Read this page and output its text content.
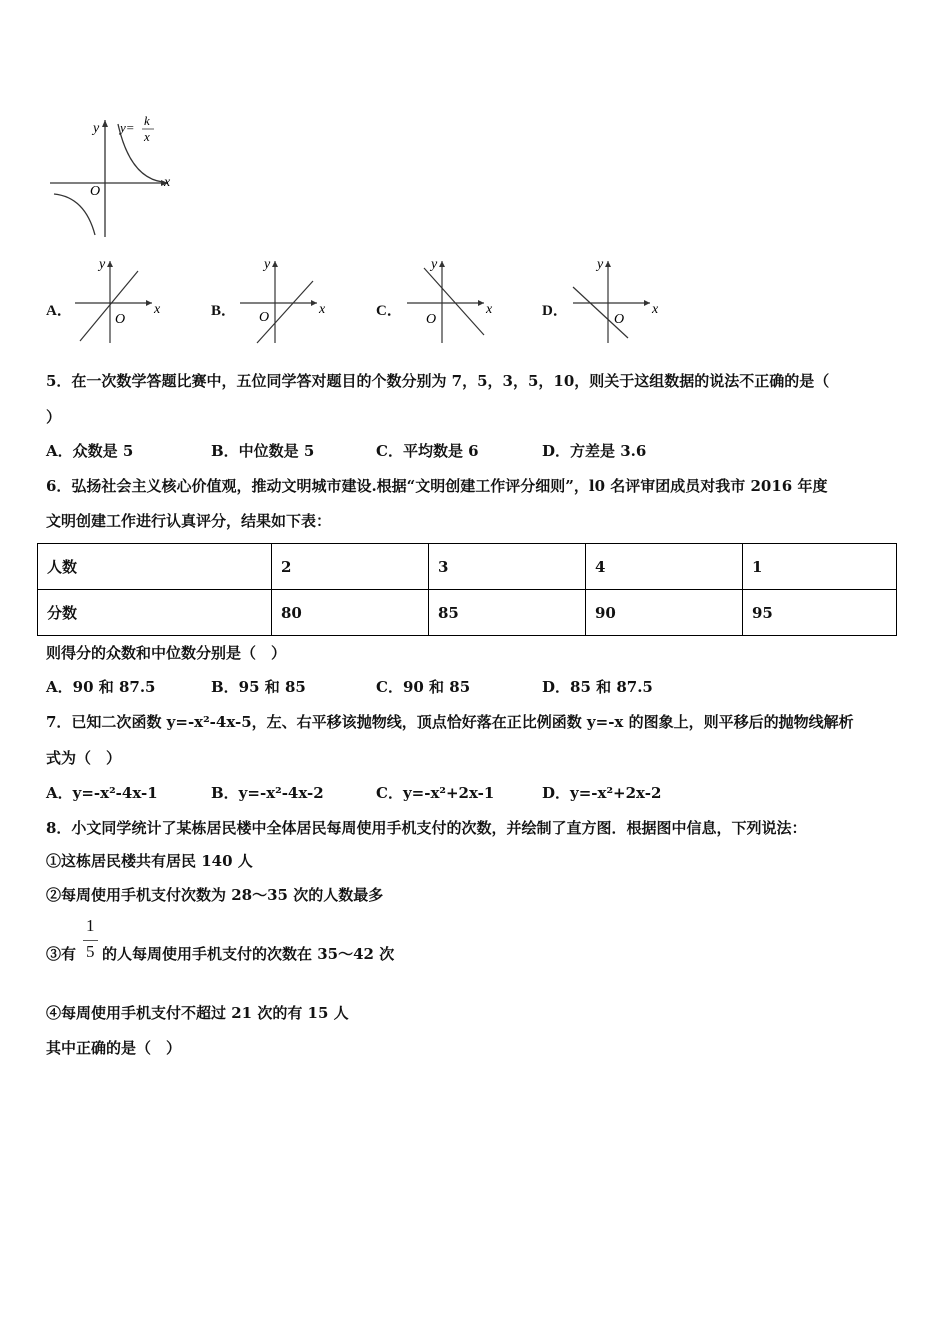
x
y
O
y= k
x
A．	x
y
O
B．	x
y
O	C．	x
y
O
D．	x
y
O
5．在一次数学答题比赛中，五位同学答对题目的个数分别为 7，5，3，5，10，则关于这组数据的说法不正确的是（
）
A．众数是 5	B．中位数是 5	C．平均数是 6	D．方差是 3.6
6．弘扬社会主义核心价值观，推动文明城市建设.根据“文明创建工作评分细则”，l0 名评审团成员对我市 2016 年度
文明创建工作进行认真评分，结果如下表：
人数	2	3	4	1
分数	80	85	90	95
则得分的众数和中位数分别是（　）
A．90 和 87.5	B．95 和 85	C．90 和 85	D．85 和 87.5
7．已知二次函数 y=-x²-4x-5，左、右平移该抛物线，顶点恰好落在正比例函数 y=-x 的图象上，则平移后的抛物线解析
式为（　）
A．y=-x²-4x-1	B．y=-x²-4x-2	C．y=-x²+2x-1	D．y=-x²+2x-2
8．小文同学统计了某栋居民楼中全体居民每周使用手机支付的次数，并绘制了直方图．根据图中信息，下列说法：
①这栋居民楼共有居民 140 人
②每周使用手机支付次数为 28～35 次的人数最多
③有
1
5 的人每周使用手机支付的次数在 35～42 次
④每周使用手机支付不超过 21 次的有 15 人
其中正确的是（　）
